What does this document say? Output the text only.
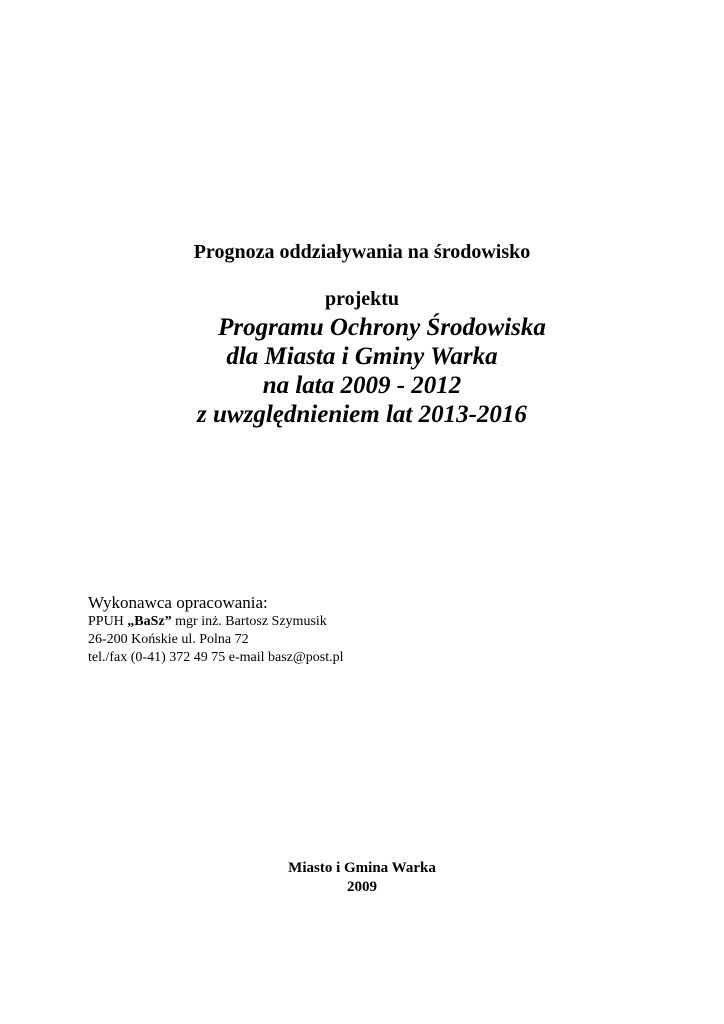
Prognoza oddziaływania na środowisko
projektu
Programu Ochrony Środowiska
dla Miasta i Gminy Warka
na lata 2009 - 2012
z uwzględnieniem lat 2013-2016
Wykonawca opracowania:
PPUH „BaSz” mgr inż. Bartosz Szymusik
26-200 Końskie ul. Polna 72
tel./fax (0-41) 372 49 75 e-mail basz@post.pl
Miasto i Gmina Warka
2009
